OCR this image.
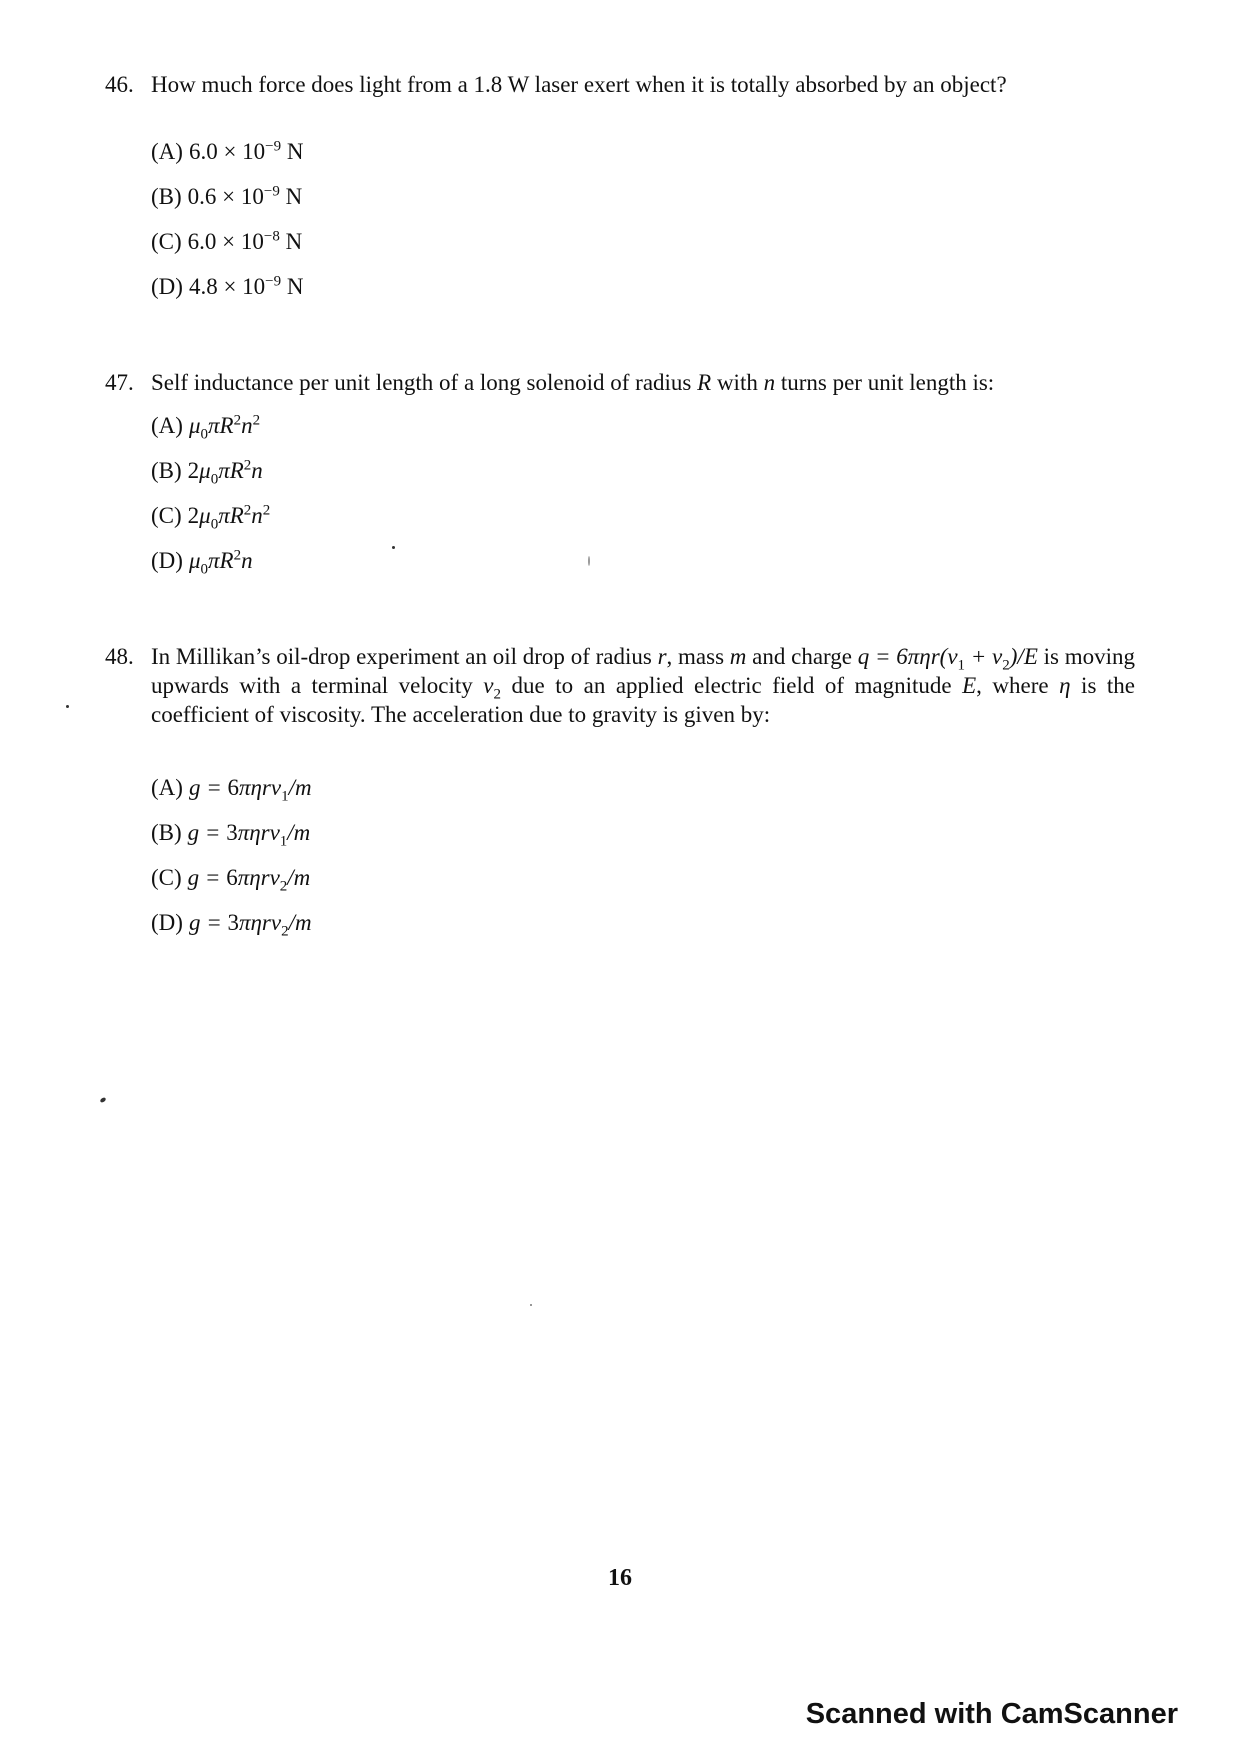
46. How much force does light from a 1.8 W laser exert when it is totally absorbed by an object?
(A) $6.0 \times 10^{-9}$ N
(B) $0.6 \times 10^{-9}$ N
(C) $6.0 \times 10^{-8}$ N
(D) $4.8 \times 10^{-9}$ N
47. Self inductance per unit length of a long solenoid of radius R with n turns per unit length is:
(A) $\mu_0\pi R^2n^2$
(B) $2\mu_0\pi R^2n$
(C) $2\mu_0\pi R^2n^2$
(D) $\mu_0\pi R^2n$
48. In Millikan’s oil-drop experiment an oil drop of radius r, mass m and charge $q = 6\pi\eta r(v_1 + v_2)/E$ is moving upwards with a terminal velocity $v_2$ due to an applied electric field of magnitude E, where η is the coefficient of viscosity. The acceleration due to gravity is given by:
(A) g = 6πηrv$_1$/m
(B) g = 3πηrv$_1$/m
(C) g = 6πηrv$_2$/m
(D) g = 3πηrv$_2$/m
16
Scanned with CamScanner
